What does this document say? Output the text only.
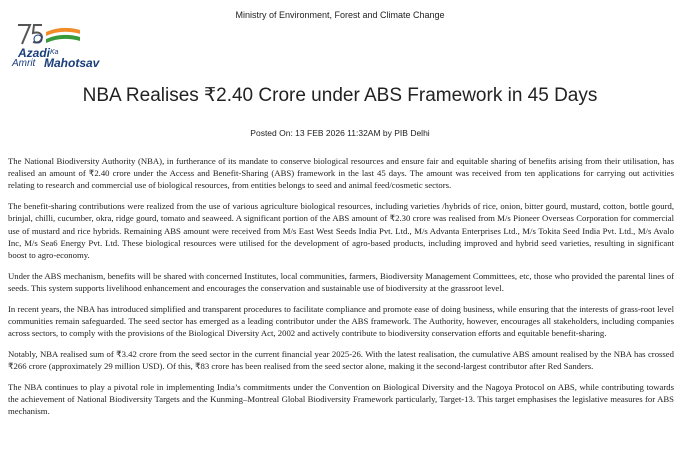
Ministry of Environment, Forest and Climate Change
Azadi Ka
Amrit Mahotsav
NBA Realises ₹2.40 Crore under ABS Framework in 45 Days
Posted On: 13 FEB 2026 11:32AM by PIB Delhi

The National Biodiversity Authority (NBA), in furtherance of its mandate to conserve biological resources and ensure fair and equitable sharing of benefits arising from their utilisation, has realised an amount of ₹2.40 crore under the Access and Benefit-Sharing (ABS) framework in the last 45 days. The amount was received from ten applications for carrying out activities relating to research and commercial use of biological resources, from entities belongs to seed and animal feed/cosmetic sectors.

The benefit-sharing contributions were realized from the use of various agriculture biological resources, including varieties /hybrids of rice, onion, bitter gourd, mustard, cotton, bottle gourd, brinjal, chilli, cucumber, okra, ridge gourd, tomato and seaweed. A significant portion of the ABS amount of ₹2.30 crore was realised from M/s Pioneer Overseas Corporation for commercial use of mustard and rice hybrids. Remaining ABS amount were received from M/s East West Seeds India Pvt. Ltd., M/s Advanta Enterprises Ltd., M/s Tokita Seed India Pvt. Ltd., M/s Avalo Inc, M/s Sea6 Energy Pvt. Ltd. These biological resources were utilised for the development of agro-based products, including improved and hybrid seed varieties, resulting in significant boost to agro-economy.

Under the ABS mechanism, benefits will be shared with concerned Institutes, local communities, farmers, Biodiversity Management Committees, etc, those who provided the parental lines of seeds. This system supports livelihood enhancement and encourages the conservation and sustainable use of biodiversity at the grassroot level.

In recent years, the NBA has introduced simplified and transparent procedures to facilitate compliance and promote ease of doing business, while ensuring that the interests of grass-root level communities remain safeguarded. The seed sector has emerged as a leading contributor under the ABS framework. The Authority, however, encourages all stakeholders, including companies across sectors, to comply with the provisions of the Biological Diversity Act, 2002 and actively contribute to biodiversity conservation efforts and equitable benefit-sharing.

Notably, NBA realised sum of ₹3.42 crore from the seed sector in the current financial year 2025-26. With the latest realisation, the cumulative ABS amount realised by the NBA has crossed ₹266 crore (approximately 29 million USD). Of this, ₹83 crore has been realised from the seed sector alone, making it the second-largest contributor after Red Sanders.

The NBA continues to play a pivotal role in implementing India’s commitments under the Convention on Biological Diversity and the Nagoya Protocol on ABS, while contributing towards the achievement of National Biodiversity Targets and the Kunming–Montreal Global Biodiversity Framework particularly, Target-13. This target emphasises the legislative measures for ABS mechanism.
